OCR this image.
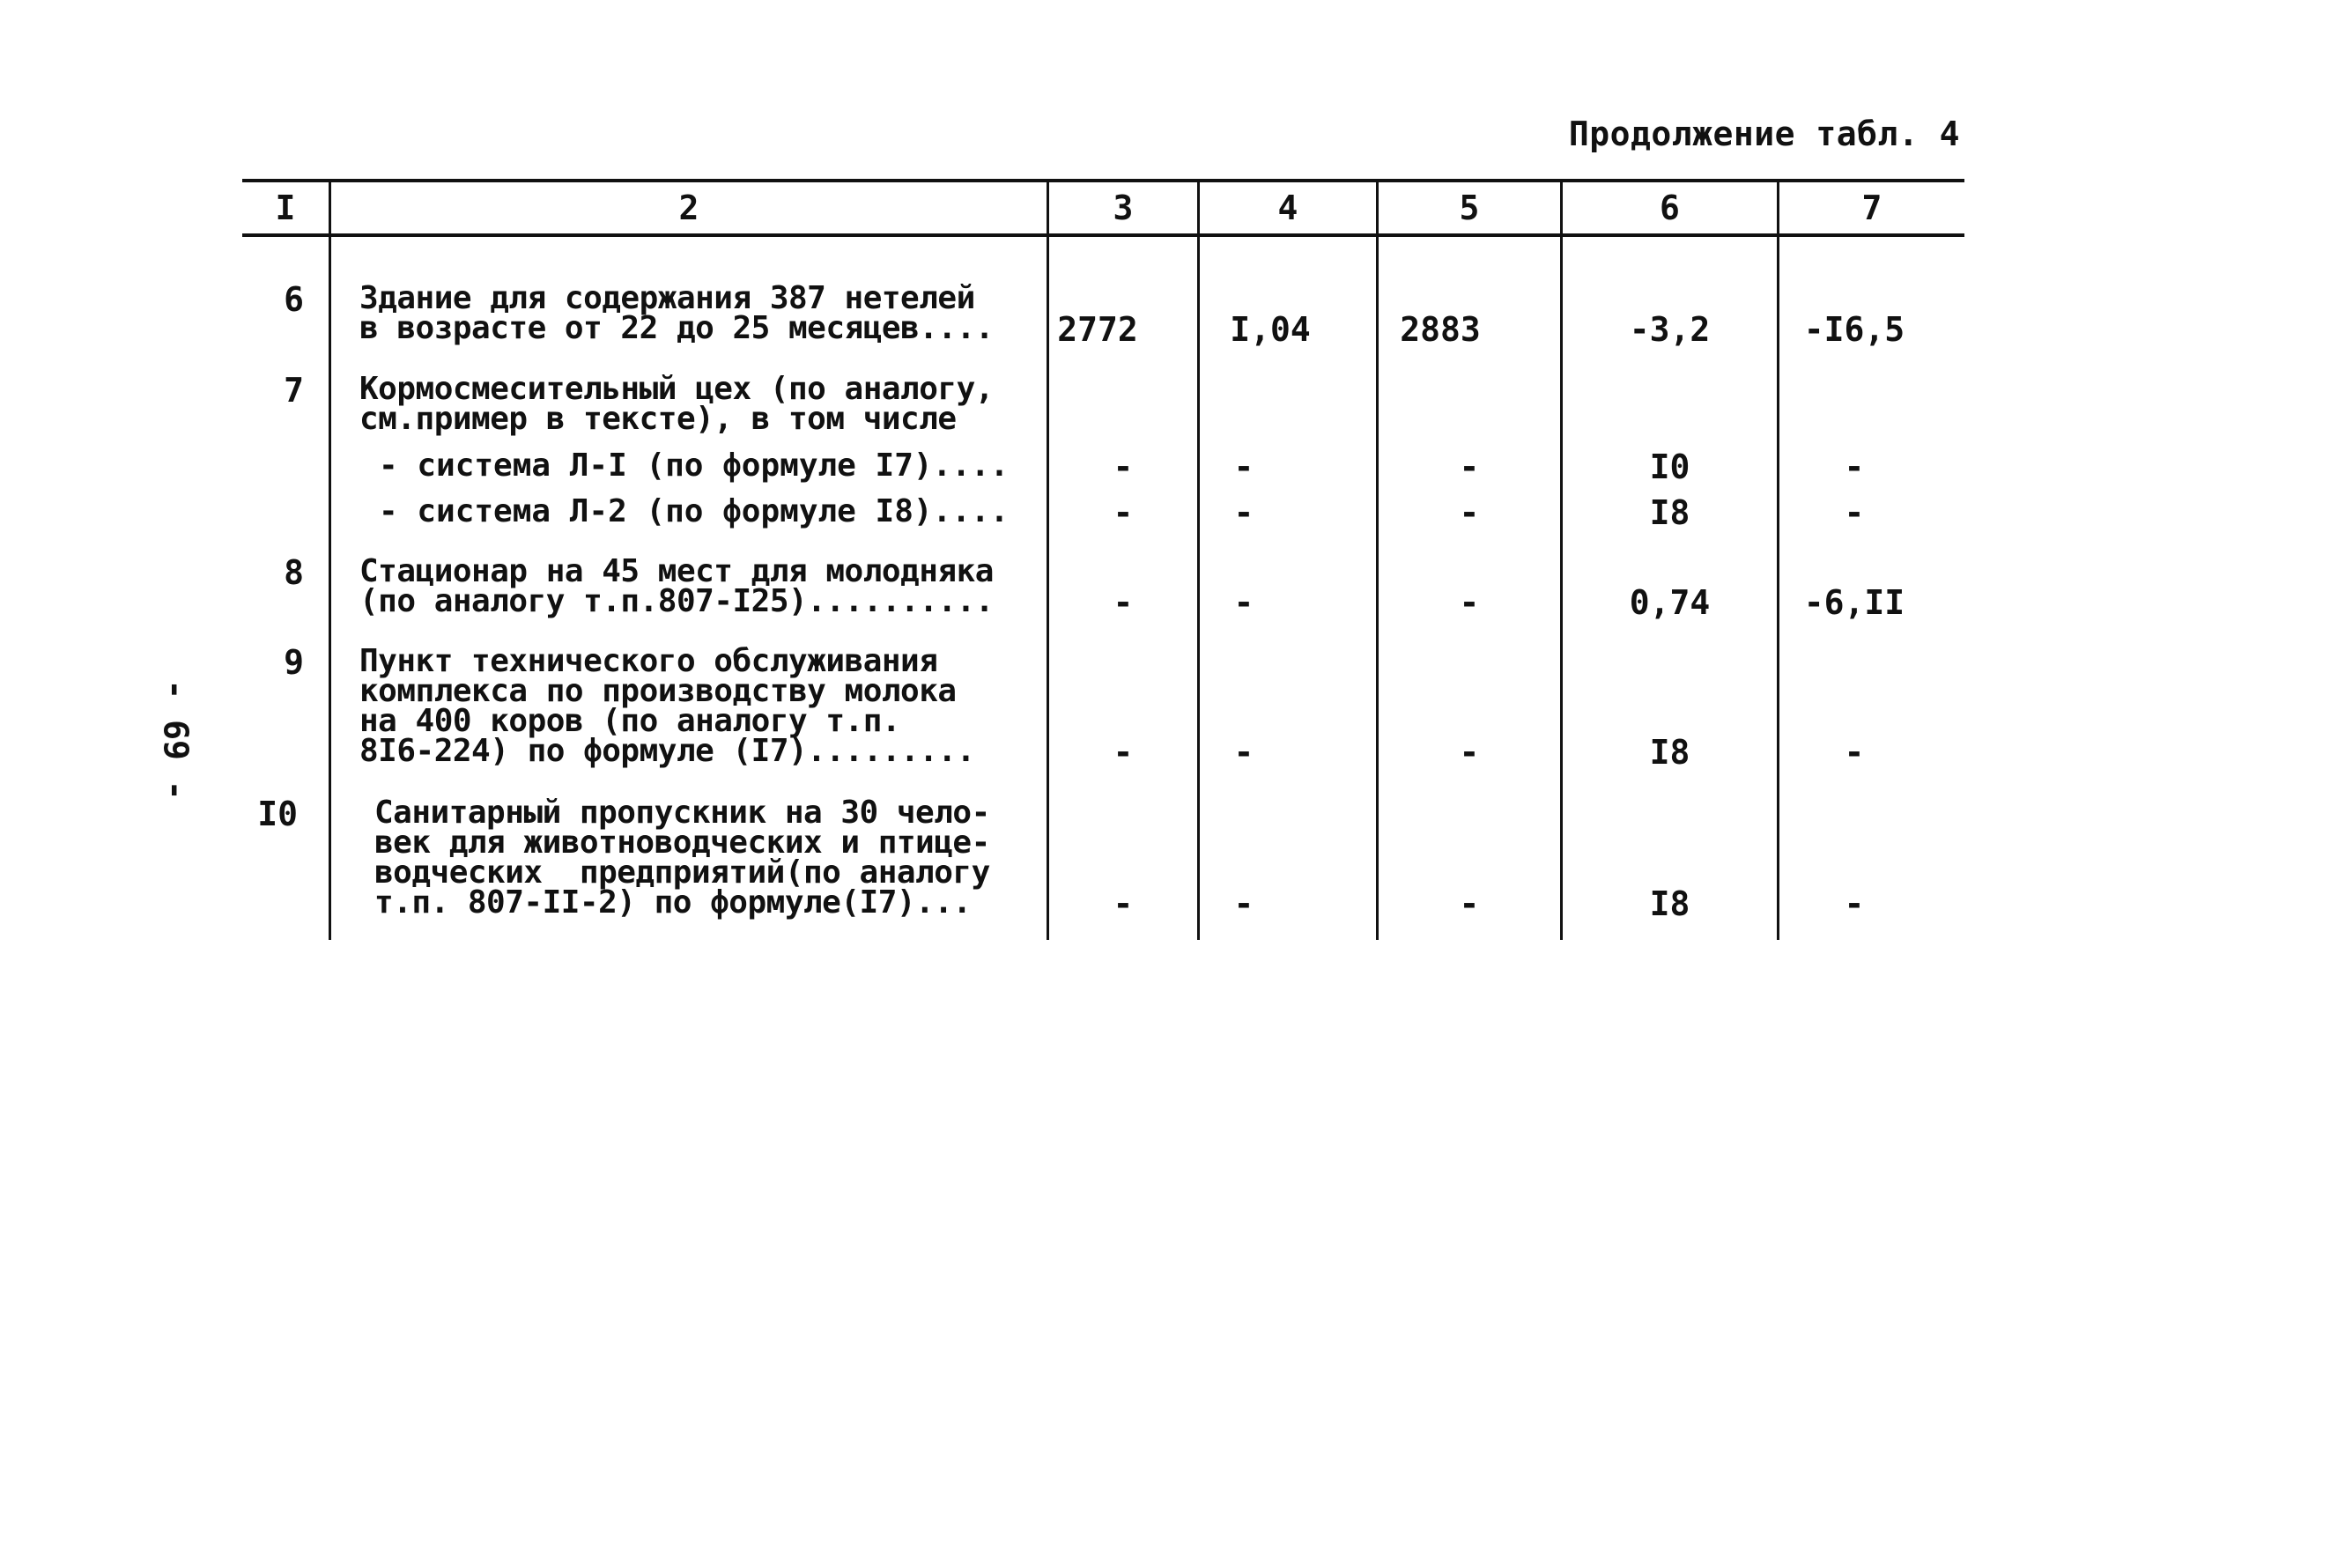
Продолжение табл. 4
- 69 -
I	2	3	4	5	6	7
6 Здание для содержания 387 нетелей
в возрасте от 22 до 25 месяцев.... 2772	I,04	2883	-3,2	-I6,5
7 Кормосмесительный цех (по аналогу,
см.пример в тексте), в том числе
- система Л-I (по формуле I7)....	-	-	-	I0	-
- система Л-2 (по формуле I8)....	-	-	-	I8	-
8 Стационар на 45 мест для молодняка
(по аналогу т.п.807-I25)..........	-	-	-	0,74	-6,II
9 Пункт технического обслуживания
комплекса по производству молока
на 400 коров (по аналогу т.п.
8I6-224) по формуле (I7).........	-	-	-	I8	-
I0 Санитарный пропускник на 30 чело-
век для животноводческих и птице-
водческих  предприятий(по аналогу
т.п. 807-II-2) по формуле(I7)...	-	-	-	I8	-
